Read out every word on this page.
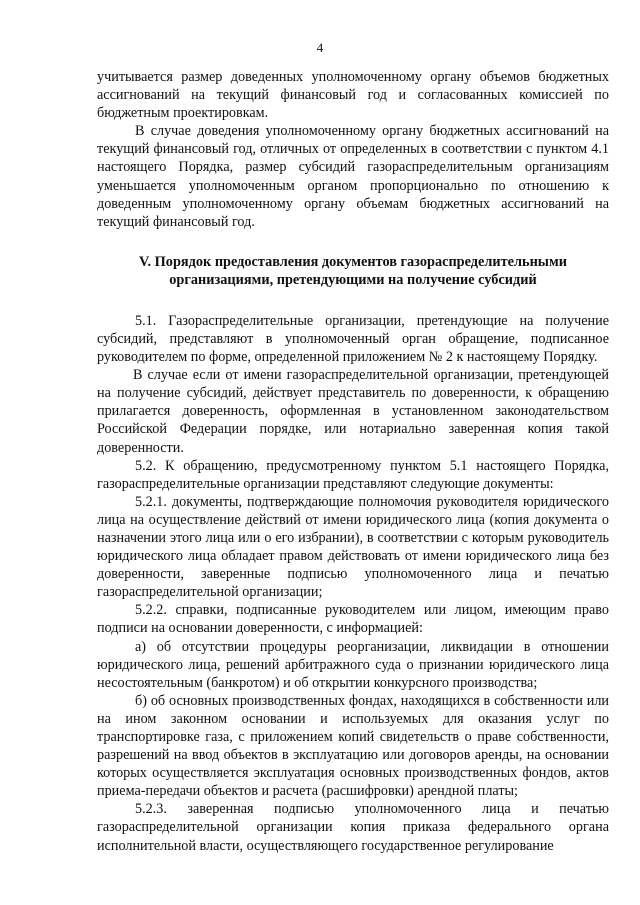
4

учитывается размер доведенных уполномоченному органу объемов бюджетных ассигнований на текущий финансовый год и согласованных комиссией по бюджетным проектировкам.

В случае доведения уполномоченному органу бюджетных ассигнований на текущий финансовый год, отличных от определенных в соответствии с пунктом 4.1 настоящего Порядка, размер субсидий газораспределительным организациям уменьшается уполномоченным органом пропорционально по отношению к доведенным уполномоченному органу объемам бюджетных ассигнований на текущий финансовый год.

V. Порядок предоставления документов газораспределительными организациями, претендующими на получение субсидий

5.1. Газораспределительные организации, претендующие на получение субсидий, представляют в уполномоченный орган обращение, подписанное руководителем по форме, определенной приложением № 2 к настоящему Порядку.

В случае если от имени газораспределительной организации, претендующей на получение субсидий, действует представитель по доверенности, к обращению прилагается доверенность, оформленная в установленном законодательством Российской Федерации порядке, или нотариально заверенная копия такой доверенности.

5.2. К обращению, предусмотренному пунктом 5.1 настоящего Порядка, газораспределительные организации представляют следующие документы:

5.2.1. документы, подтверждающие полномочия руководителя юридического лица на осуществление действий от имени юридического лица (копия документа о назначении этого лица или о его избрании), в соответствии с которым руководитель юридического лица обладает правом действовать от имени юридического лица без доверенности, заверенные подписью уполномоченного лица и печатью газораспределительной организации;

5.2.2. справки, подписанные руководителем или лицом, имеющим право подписи на основании доверенности, с информацией:

а) об отсутствии процедуры реорганизации, ликвидации в отношении юридического лица, решений арбитражного суда о признании юридического лица несостоятельным (банкротом) и об открытии конкурсного производства;

б) об основных производственных фондах, находящихся в собственности или на ином законном основании и используемых для оказания услуг по транспортировке газа, с приложением копий свидетельств о праве собственности, разрешений на ввод объектов в эксплуатацию или договоров аренды, на основании которых осуществляется эксплуатация основных производственных фондов, актов приема-передачи объектов и расчета (расшифровки) арендной платы;

5.2.3. заверенная подписью уполномоченного лица и печатью газораспределительной организации копия приказа федерального органа исполнительной власти, осуществляющего государственное регулирование
